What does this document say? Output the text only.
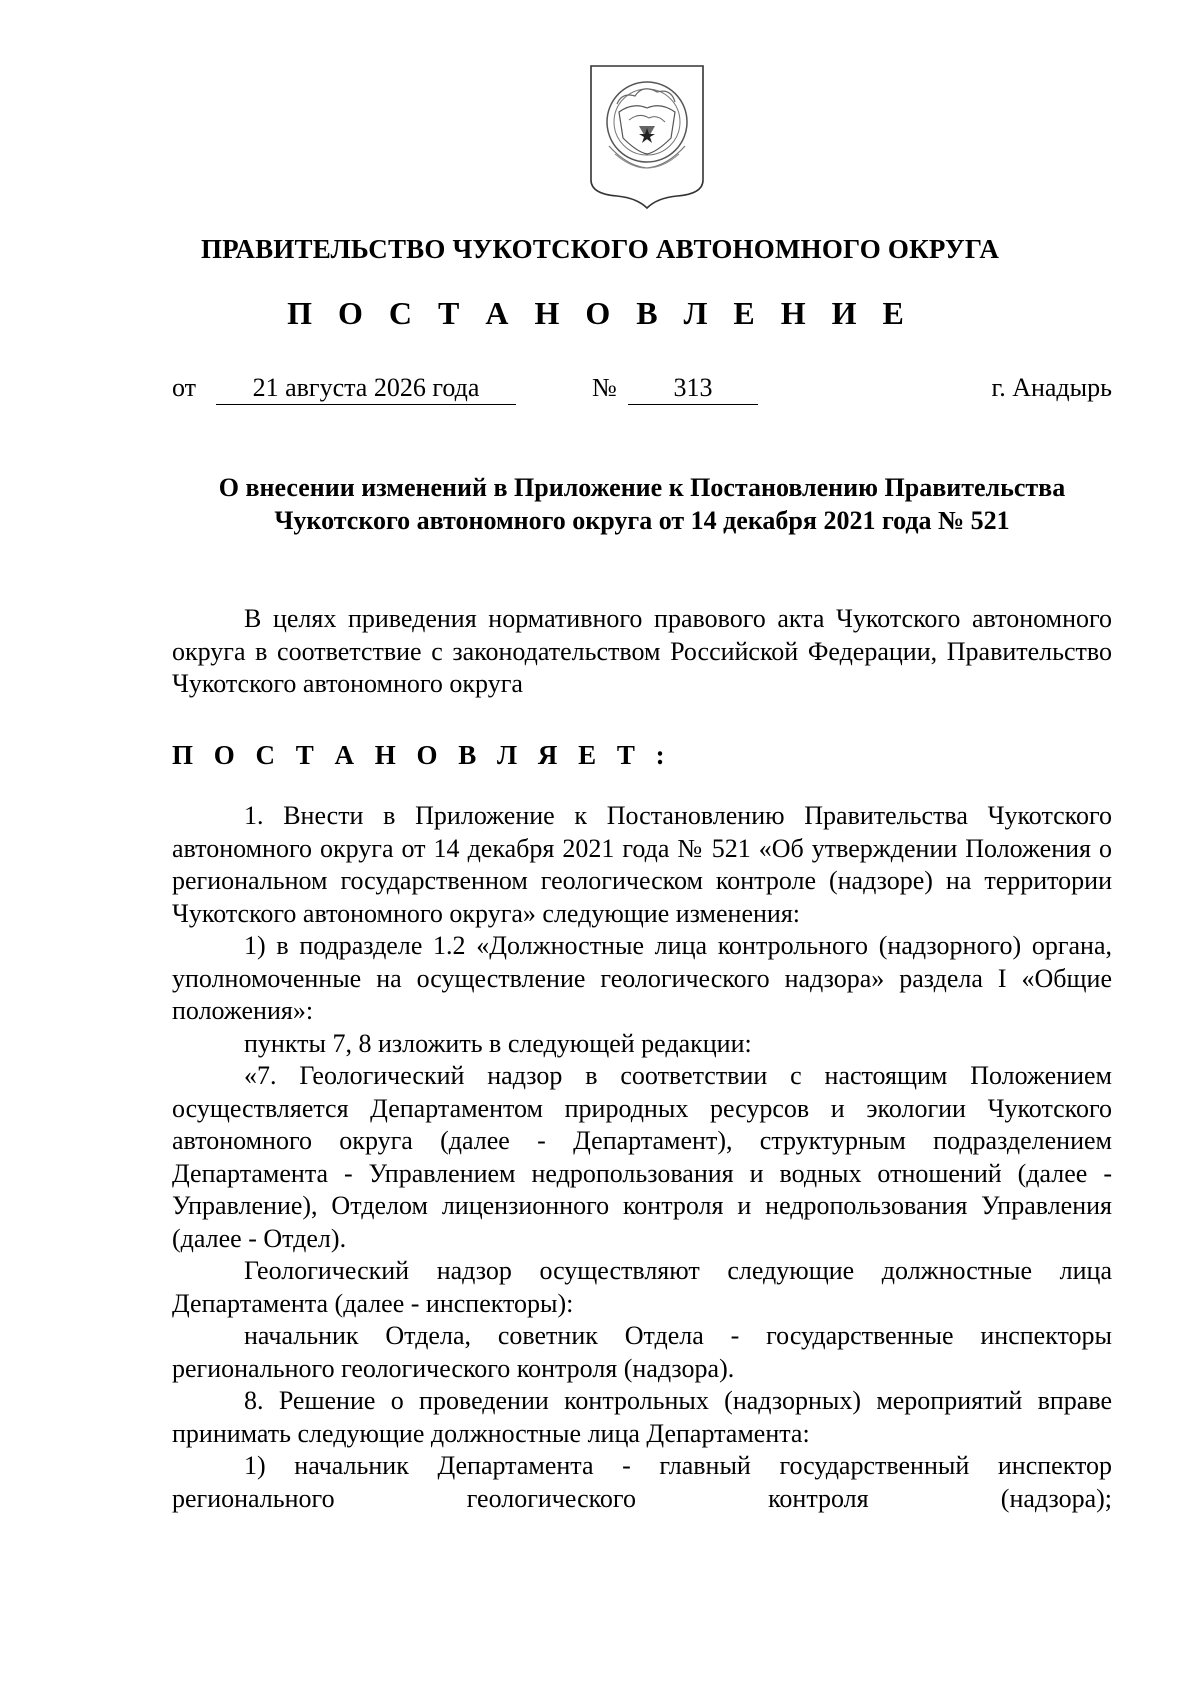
ПРАВИТЕЛЬСТВО ЧУКОТСКОГО АВТОНОМНОГО ОКРУГА
П О С Т А Н О В Л Е Н И Е
от	21 августа 2026 года	№	313	г. Анадырь
О внесении изменений в Приложение к Постановлению Правительства
Чукотского автономного округа от 14 декабря 2021 года № 521

В целях приведения нормативного правового акта Чукотского автономного округа в соответствие с законодательством Российской Федерации, Правительство Чукотского автономного округа

П О С Т А Н О В Л Я Е Т :

1. Внести в Приложение к Постановлению Правительства Чукотского автономного округа от 14 декабря 2021 года № 521 «Об утверждении Положения о региональном государственном геологическом контроле (надзоре) на территории Чукотского автономного округа» следующие изменения:

1) в подразделе 1.2 «Должностные лица контрольного (надзорного) органа, уполномоченные на осуществление геологического надзора» раздела I «Общие положения»:

пункты 7, 8 изложить в следующей редакции:

«7. Геологический надзор в соответствии с настоящим Положением осуществляется Департаментом природных ресурсов и экологии Чукотского автономного округа (далее - Департамент), структурным подразделением Департамента - Управлением недропользования и водных отношений (далее - Управление), Отделом лицензионного контроля и недропользования Управления (далее - Отдел).

Геологический надзор осуществляют следующие должностные лица Департамента (далее - инспекторы):

начальник Отдела, советник Отдела - государственные инспекторы регионального геологического контроля (надзора).

8. Решение о проведении контрольных (надзорных) мероприятий вправе принимать следующие должностные лица Департамента:

1) начальник Департамента - главный государственный инспектор регионального геологического контроля (надзора);
